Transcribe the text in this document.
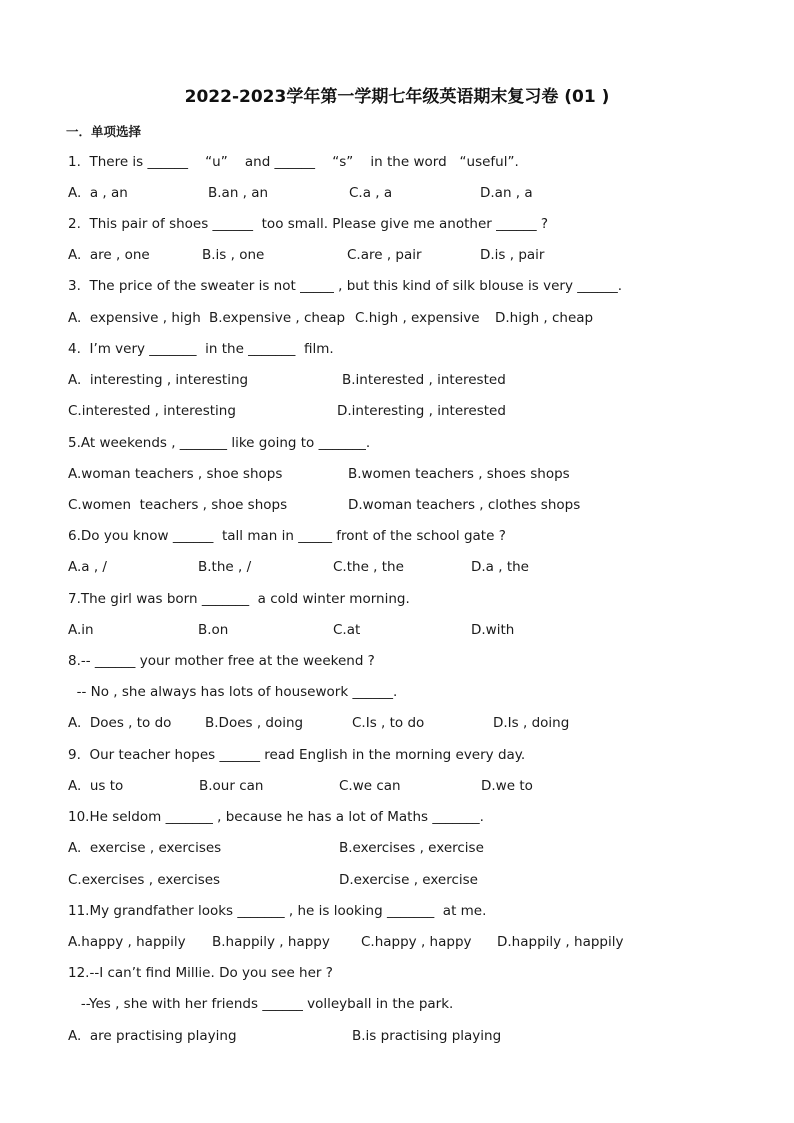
2022-2023学年第一学期七年级英语期末复习卷 (01 )
一．单项选择
1.  There is ______    “u”    and ______    “s”    in the word   “useful”.
A.  a , an	B.an , an	C.a , a	D.an , a
2.  This pair of shoes ______  too small. Please give me another ______ ?
A.  are , one	B.is , one	C.are , pair	D.is , pair
3.  The price of the sweater is not _____ , but this kind of silk blouse is very ______.
A.  expensive , high B.expensive , cheap C.high , expensive D.high , cheap
4.  I’m very _______  in the _______  film.
A.  interesting , interesting	B.interested , interested
C.interested , interesting	D.interesting , interested
5.At weekends , _______ like going to _______.
A.woman teachers , shoe shops	B.women teachers , shoes shops
C.women  teachers , shoe shops	D.woman teachers , clothes shops
6.Do you know ______  tall man in _____ front of the school gate ?
A.a , /	B.the , /	C.the , the	D.a , the
7.The girl was born _______  a cold winter morning.
A.in	B.on	C.at	D.with
8.-- ______ your mother free at the weekend ?
-- No , she always has lots of housework ______.
A.  Does , to do B.Does , doing	C.Is , to do	D.Is , doing
9.  Our teacher hopes ______ read English in the morning every day.
A.  us to	B.our can	C.we can	D.we to
10.He seldom _______ , because he has a lot of Maths _______.
A.  exercise , exercises	B.exercises , exercise
C.exercises , exercises	D.exercise , exercise
11.My grandfather looks _______ , he is looking _______  at me.
A.happy , happily B.happily , happy C.happy , happy D.happily , happily
12.--I can’t find Millie. Do you see her ?
--Yes , she with her friends ______ volleyball in the park.
A.  are practising playing	B.is practising playing
